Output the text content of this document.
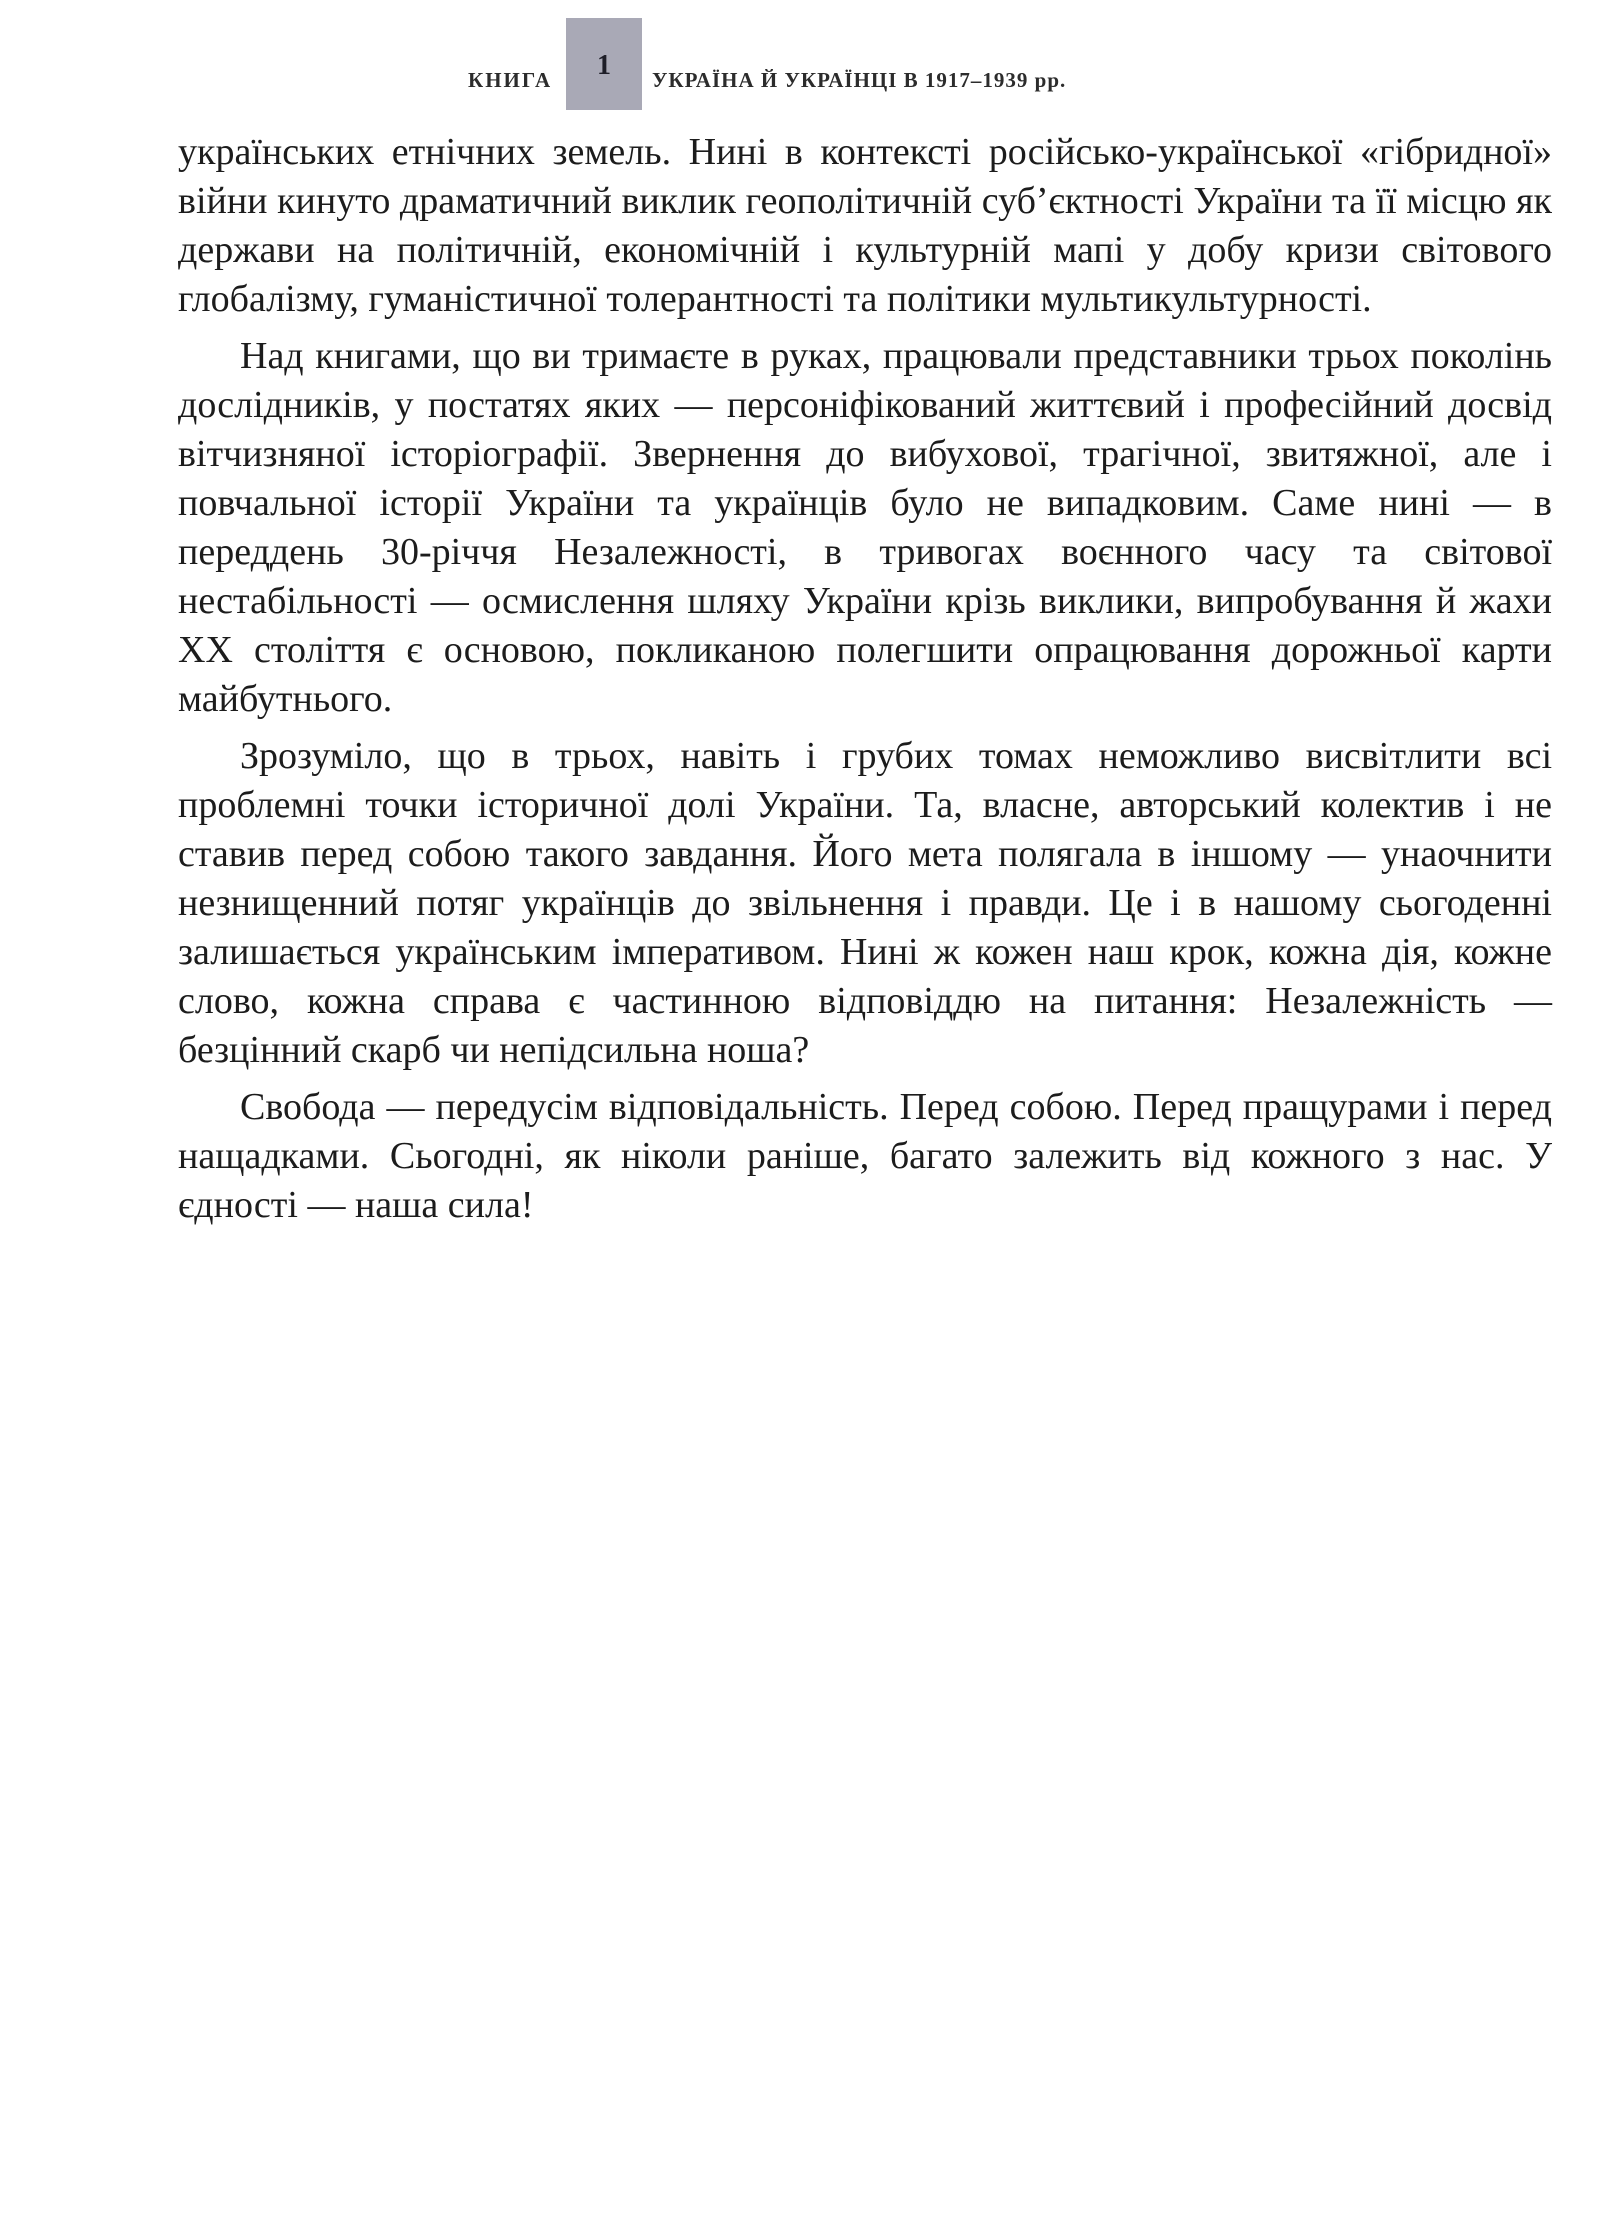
КНИГА 1 УКРАЇНА Й УКРАЇНЦІ В 1917–1939 рр.

українських етнічних земель. Нині в контексті російсько-української «гібридної» війни кинуто драматичний виклик геополітичній суб’єктності України та її місцю як держави на політичній, економічній і культурній мапі у добу кризи світового глобалізму, гуманістичної толерантності та політики мультикультурності.

Над книгами, що ви тримаєте в руках, працювали представники трьох поколінь дослідників, у постатях яких — персоніфікований життєвий і професійний досвід вітчизняної історіографії. Звернення до вибухової, трагічної, звитяжної, але і повчальної історії України та українців було не випадковим. Саме нині — в переддень 30-річчя Незалежності, в тривогах воєнного часу та світової нестабільності — осмислення шляху України крізь виклики, випробування й жахи XX століття є основою, покликаною полегшити опрацювання дорожньої карти майбутнього.

Зрозуміло, що в трьох, навіть і грубих томах неможливо висвітлити всі проблемні точки історичної долі України. Та, власне, авторський колектив і не ставив перед собою такого завдання. Його мета полягала в іншому — унаочнити незнищенний потяг українців до звільнення і правди. Це і в нашому сьогоденні залишається українським імперативом. Нині ж кожен наш крок, кожна дія, кожне слово, кожна справа є частинною відповіддю на питання: Незалежність — безцінний скарб чи непідсильна ноша?

Свобода — передусім відповідальність. Перед собою. Перед пращурами і перед нащадками. Сьогодні, як ніколи раніше, багато залежить від кожного з нас. У єдності — наша сила!
